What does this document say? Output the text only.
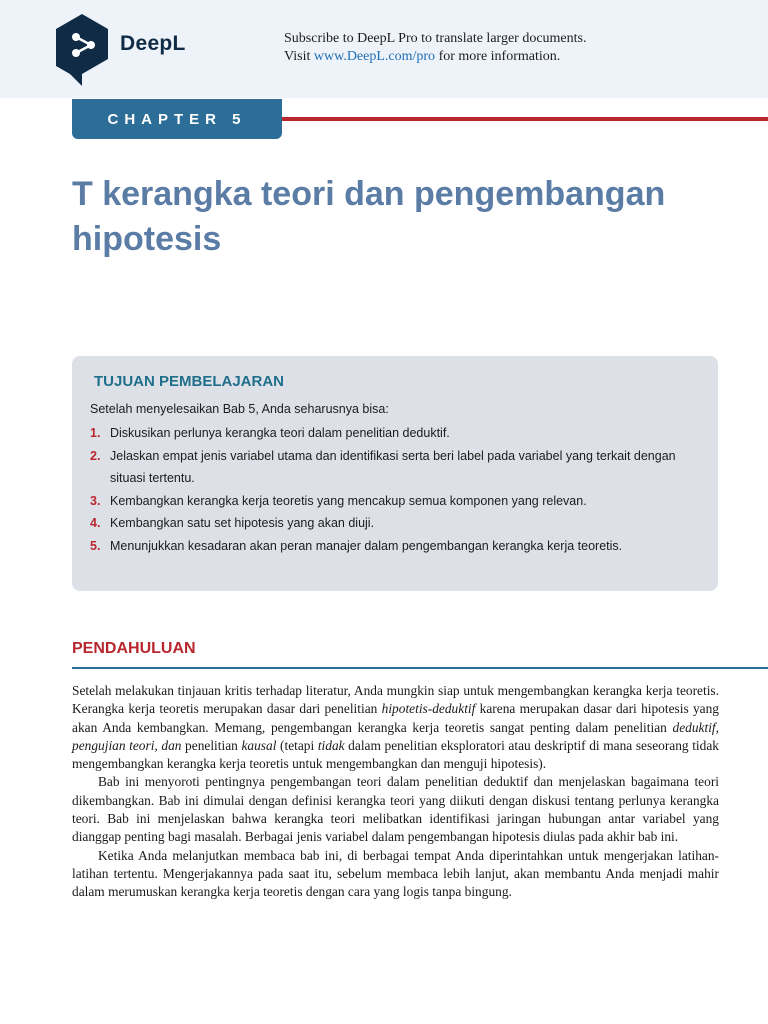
DeepL	Subscribe to DeepL Pro to translate larger documents.
Visit www.DeepL.com/pro for more information.
CHAPTER 5
T kerangka teori dan pengembangan hipotesis
TUJUAN PEMBELAJARAN
Setelah menyelesaikan Bab 5, Anda seharusnya bisa:
1. Diskusikan perlunya kerangka teori dalam penelitian deduktif.
2. Jelaskan empat jenis variabel utama dan identifikasi serta beri label pada variabel yang terkait dengan situasi tertentu.
3. Kembangkan kerangka kerja teoretis yang mencakup semua komponen yang relevan.
4. Kembangkan satu set hipotesis yang akan diuji.
5. Menunjukkan kesadaran akan peran manajer dalam pengembangan kerangka kerja teoretis.
PENDAHULUAN

Setelah melakukan tinjauan kritis terhadap literatur, Anda mungkin siap untuk mengembangkan kerangka kerja teoretis. Kerangka kerja teoretis merupakan dasar dari penelitian hipotetis-deduktif karena merupakan dasar dari hipotesis yang akan Anda kembangkan. Memang, pengembangan kerangka kerja teoretis sangat penting dalam penelitian deduktif, pengujian teori, dan penelitian kausal (tetapi tidak dalam penelitian eksploratori atau deskriptif di mana seseorang tidak mengembangkan kerangka kerja teoretis untuk mengembangkan dan menguji hipotesis).

Bab ini menyoroti pentingnya pengembangan teori dalam penelitian deduktif dan menjelaskan bagaimana teori dikembangkan. Bab ini dimulai dengan definisi kerangka teori yang diikuti dengan diskusi tentang perlunya kerangka teori. Bab ini menjelaskan bahwa kerangka teori melibatkan identifikasi jaringan hubungan antar variabel yang dianggap penting bagi masalah. Berbagai jenis variabel dalam pengembangan hipotesis diulas pada akhir bab ini.

Ketika Anda melanjutkan membaca bab ini, di berbagai tempat Anda diperintahkan untuk mengerjakan latihan-latihan tertentu. Mengerjakannya pada saat itu, sebelum membaca lebih lanjut, akan membantu Anda menjadi mahir dalam merumuskan kerangka kerja teoretis dengan cara yang logis tanpa bingung.
